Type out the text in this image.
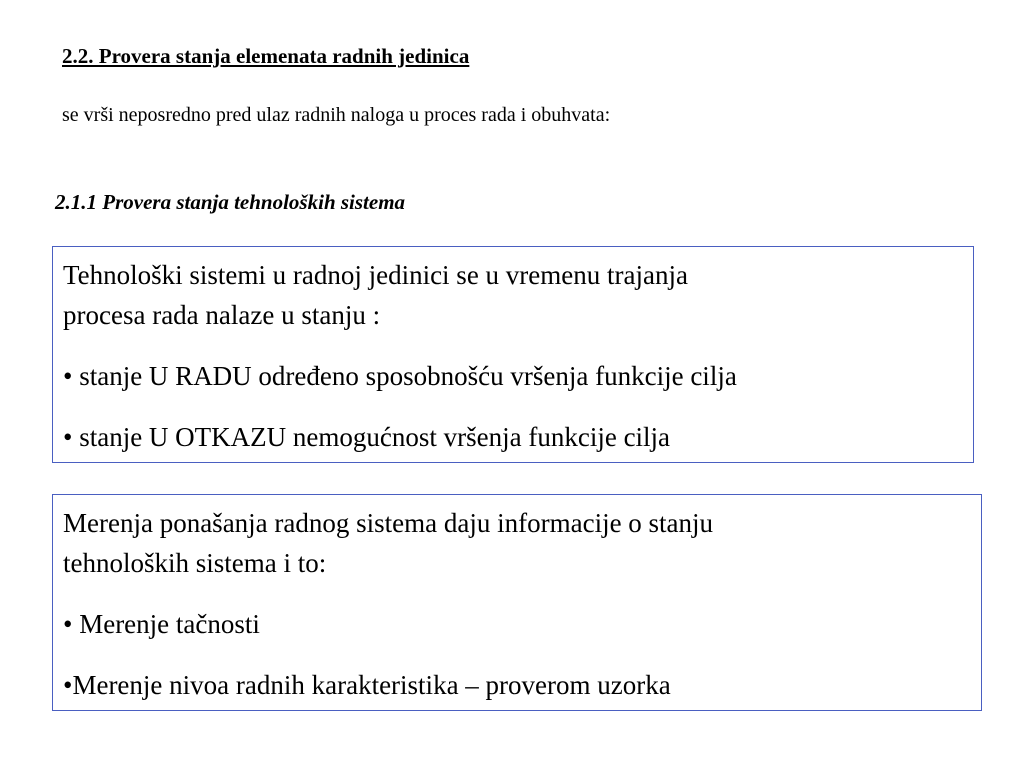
2.2. Provera stanja elemenata radnih jedinica
se vrši neposredno pred ulaz radnih naloga u proces rada i obuhvata:
2.1.1 Provera stanja tehnoloških sistema

Tehnološki sistemi u radnoj jedinici se u vremenu trajanja

procesa rada nalaze u stanju :

• stanje U RADU određeno sposobnošću vršenja funkcije cilja

• stanje U OTKAZU nemogućnost vršenja funkcije cilja

Merenja ponašanja radnog sistema daju informacije o stanju

tehnoloških sistema i to:

• Merenje tačnosti

•Merenje nivoa radnih karakteristika – proverom uzorka
